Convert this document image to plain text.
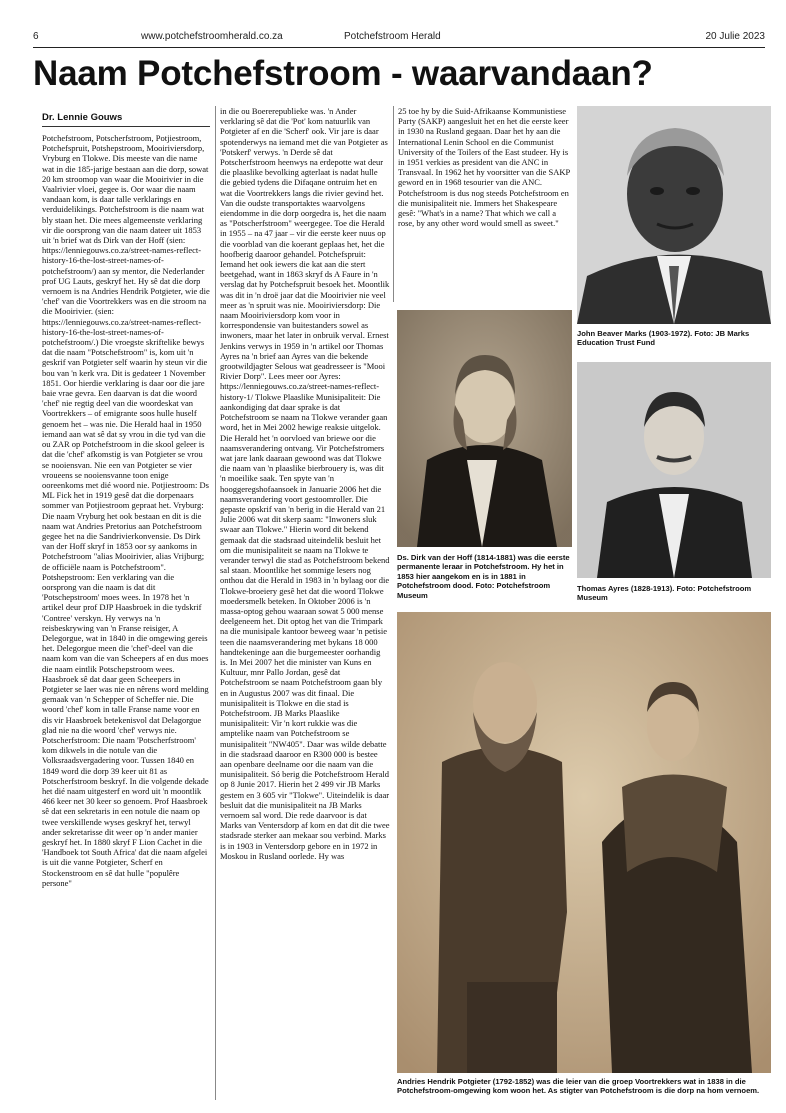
6	www.potchefstroomherald.co.za	Potchefstroom Herald	20 Julie 2023
Naam Potchefstroom - waarvandaan?
Dr. Lennie Gouws

Potchefstroom, Potscherfstroom, Potjiestroom, Potchefspruit, Potshepstroom, Mooiriviersdorp, Vryburg en Tlokwe. Dis meeste van die name wat in die 185-jarige bestaan aan die dorp, sowat 20 km stroomop van waar die Mooirivier in die Vaalrivier vloei, gegee is. Oor waar die naam vandaan kom, is daar talle verklarings en verduidelikings. Potchefstroom is die naam wat bly staan het. Die mees algemeenste verklaring vir die oorsprong van die naam dateer uit 1853 uit 'n brief wat ds Dirk van der Hoff (sien: https://lenniegouws.co.za/street-names-reflect-history-16-the-lost-street-names-of-potchefstroom/) aan sy mentor, die Nederlander prof UG Lauts, geskryf het. Hy sê dat die dorp vernoem is na Andries Hendrik Potgieter, wie die 'chef' van die Voortrekkers was en die stroom na die Mooirivier. (sien: https://lenniegouws.co.za/street-names-reflect-history-16-the-lost-street-names-of-potchefstroom/.) Die vroegste skriftelike bewys dat die naam "Potschefstroom" is, kom uit 'n geskrif van Potgieter self waarin hy steun vir die bou van 'n kerk vra. Dit is gedateer 1 November 1851. Oor hierdie verklaring is daar oor die jare baie vrae gevra. Een daarvan is dat die woord 'chef' nie regtig deel van die woordeskat van Voortrekkers – of emigrante soos hulle huself genoem het – was nie. Die Herald haal in 1950 iemand aan wat sê dat sy vrou in die tyd van die ou ZAR op Potchefstroom in die skool geleer is dat die 'chef' afkomstig is van Potgieter se vrou se nooiensvan. Nie een van Potgieter se vier vroueens se nooiensvanne toon enige ooreenkoms met dié woord nie. Potjiestroom: Ds ML Fick het in 1919 gesê dat die dorpenaars sommer van Potjiestroom gepraat het. Vryburg: Die naam Vryburg het ook bestaan en dit is die naam wat Andries Pretorius aan Potchefstroom gegee het na die Sandrivierkonvensie. Ds Dirk van der Hoff skryf in 1853 oor sy aankoms in Potchefstroom "alias Mooirivier, alias Vrijburg; de officiële naam is Potchefstroom". Potshepstroom: Een verklaring van die oorsprong van die naam is dat dit 'Potschepstroom' moes wees. In 1978 het 'n artikel deur prof DJP Haasbroek in die tydskrif 'Contree' verskyn. Hy verwys na 'n reisbeskrywing van 'n Franse reisiger, A Delegorgue, wat in 1840 in die omgewing gereis het. Delegorgue meen die 'chef'-deel van die naam kom van die van Scheepers af en dus moes die naam eintlik Potschepstroom wees. Haasbroek sê dat daar geen Scheepers in Potgieter se laer was nie en nêrens word melding gemaak van 'n Schepper of Scheffer nie. Die woord 'chef' kom in talle Franse name voor en dis vir Haasbroek betekenisvol dat Delagorgue glad nie na die woord 'chef' verwys nie. Potscherfstroom: Die naam 'Potscherfstroom' kom dikwels in die notule van die Volksraadsvergadering voor. Tussen 1840 en 1849 word die dorp 39 keer uit 81 as Potscherfstroom beskryf. In die volgende dekade het dié naam uitgesterf en word uit 'n moontlik 466 keer net 30 keer so genoem. Prof Haasbroek sê dat een sekretaris in een notule die naam op twee verskillende wyses geskryf het, terwyl ander sekretarisse dit weer op 'n ander manier geskryf het. In 1880 skryf F Lion Cachet in die 'Handboek tot South Africa' dat die naam afgelei is uit die vanne Potgieter, Scherf en Stockenstroom en sê dat hulle "populêre persone"

in die ou Boererepublieke was. 'n Ander verklaring sê dat die 'Pot' kom natuurlik van Potgieter af en die 'Scherf' ook. Vir jare is daar spotenderwys na iemand met die van Potgieter as 'Potskerf' verwys. 'n Derde sê dat Potscherfstroom heenwys na erdepotte wat deur die plaaslike bevolking agterlaat is nadat hulle die gebied tydens die Difaqane ontruim het en wat die Voortrekkers langs die rivier gevind het. Van die oudste transportaktes waarvolgens eiendomme in die dorp oorgedra is, het die naam as "Potscherfstroom" weergegee. Toe die Herald in 1955 – na 47 jaar – vir die eerste keer nuus op die voorblad van die koerant geplaas het, het die hoofberig daaroor gehandel. Potchefspruit: Iemand het ook iewers die kat aan die stert beetgehad, want in 1863 skryf ds A Faure in 'n verslag dat hy Potchefspruit besoek het. Moontlik was dit in 'n droë jaar dat die Mooirivier nie veel meer as 'n spruit was nie. Mooiriviersdorp: Die naam Mooiriviersdorp kom voor in korrespondensie van buitestanders sowel as inwoners, maar het later in onbruik verval. Ernest Jenkins verwys in 1959 in 'n artikel oor Thomas Ayres na 'n brief aan Ayres van die bekende grootwildjagter Selous wat geadresseer is "Mooi Rivier Dorp". Lees meer oor Ayres: https://lenniegouws.co.za/street-names-reflect-history-1/ Tlokwe Plaaslike Munisipaliteit: Die aankondiging dat daar sprake is dat Potchefstroom se naam na Tlokwe verander gaan word, het in Mei 2002 hewige reaksie uitgelok. Die Herald het 'n oorvloed van briewe oor die naamsverandering ontvang. Vir Potchefstromers wat jare lank daaraan gewoond was dat Tlokwe die naam van 'n plaaslike bierbrouery is, was dit 'n moeilike saak. Ten spyte van 'n hooggeregshofaansoek in Januarie 2006 het die naamsverandering voort gestoomroller. Die gepaste opskrif van 'n berig in die Herald van 21 Julie 2006 wat dit skerp saam: "Inwoners sluk swaar aan Tlokwe." Hierin word dit bekend gemaak dat die stadsraad uiteindelik besluit het om die munisipaliteit se naam na Tlokwe te verander terwyl die stad as Potchefstroom bekend sal staan. Moontlike het sommige lesers nog onthou dat die Herald in 1983 in 'n bylaag oor die Tlokwe-broeiery gesê het dat die woord Tlokwe moedersmelk beteken. In Oktober 2006 is 'n massa-optog gehou waaraan sowat 5 000 mense deelgeneem het. Dit optog het van die Trimpark na die munisipale kantoor beweeg waar 'n petisie teen die naamsverandering met bykans 18 000 handtekeninge aan die burgemeester oorhandig is. In Mei 2007 het die minister van Kuns en Kultuur, mnr Pallo Jordan, gesê dat Potchefstroom se naam Potchefstroom gaan bly en in Augustus 2007 was dit finaal. Die munisipaliteit is Tlokwe en die stad is Potchefstroom. JB Marks Plaaslike munisipaliteit: Vir 'n kort rukkie was die amptelike naam van Potchefstroom se munisipaliteit "NW405". Daar was wilde debatte in die stadsraad daaroor en R300 000 is bestee aan openbare deelname oor die naam van die munisipaliteit. Só berig die Potchefstroom Herald op 8 Junie 2017. Hierin het 2 499 vir JB Marks gestem en 3 605 vir "Tlokwe". Uiteindelik is daar besluit dat die munisipaliteit na JB Marks vernoem sal word. Die rede daarvoor is dat Marks van Ventersdorp af kom en dat dit die twee stadsrade sterker aan mekaar sou verbind. Marks is in 1903 in Ventersdorp gebore en in 1972 in Moskou in Rusland oorlede. Hy was

25 toe hy by die Suid-Afrikaanse Kommunistiese Party (SAKP) aangesluit het en het die eerste keer in 1930 na Rusland gegaan. Daar het hy aan die International Lenin School en die Communist University of the Toilers of the East studeer. Hy is in 1951 verkies as president van die ANC in Transvaal. In 1962 het hy voorsitter van die SAKP geword en in 1968 tesourier van die ANC. Potchefstroom is dus nog steeds Potchefstroom en die munisipaliteit nie. Immers het Shakespeare gesê: "What's in a name? That which we call a rose, by any other word would smell as sweet."

Ds. Dirk van der Hoff (1814-1881) was die eerste permanente leraar in Potchefstroom. Hy het in 1853 hier aangekom en is in 1881 in Potchefstroom dood. Foto: Potchefstroom Museum
John Beaver Marks (1903-1972). Foto: JB Marks Education Trust Fund
Thomas Ayres (1828-1913). Foto: Potchefstroom Museum
Andries Hendrik Potgieter (1792-1852) was die leier van die groep Voortrekkers wat in 1838 in die Potchefstroom-omgewing kom woon het. As stigter van Potchefstroom is die dorp na hom vernoem.
